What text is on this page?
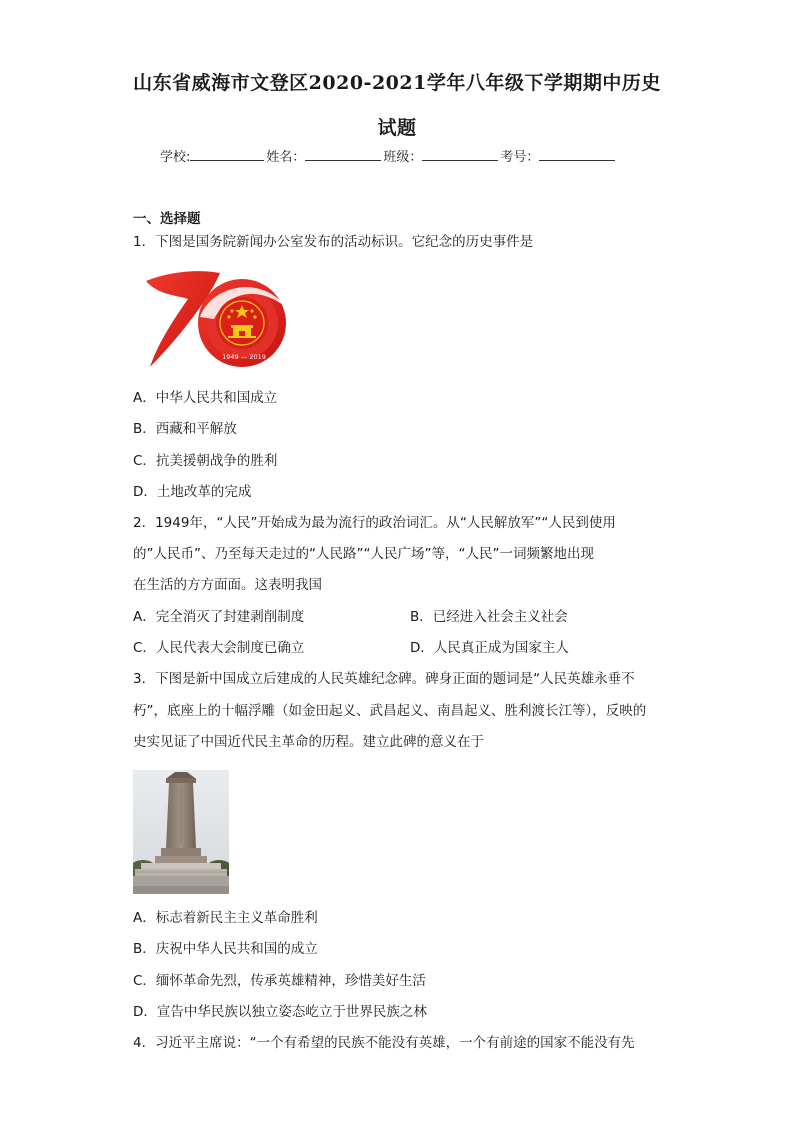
山东省威海市文登区2020-2021学年八年级下学期期中历史
试题
学校:	姓名：	班级：	考号：
一、选择题
1．下图是国务院新闻办公室发布的活动标识。它纪念的历史事件是
1949 — 2019
A．中华人民共和国成立
B．西藏和平解放
C．抗美援朝战争的胜利
D．土地改革的完成
2．1949年，“人民”开始成为最为流行的政治词汇。从“人民解放军”“人民到使用
的”人民币”、乃至每天走过的“人民路”“人民广场”等，“人民”一词频繁地出现
在生活的方方面面。这表明我国
A．完全消灭了封建剥削制度	B．已经进入社会主义社会
C．人民代表大会制度已确立	D．人民真正成为国家主人
3．下图是新中国成立后建成的人民英雄纪念碑。碑身正面的题词是“人民英雄永垂不
朽”，底座上的十幅浮雕（如金田起义、武昌起义、南昌起义、胜利渡长江等），反映的
史实见证了中国近代民主革命的历程。建立此碑的意义在于
A．标志着新民主主义革命胜利
B．庆祝中华人民共和国的成立
C．缅怀革命先烈，传承英雄精神，珍惜美好生活
D．宣告中华民族以独立姿态屹立于世界民族之林
4．习近平主席说：“一个有希望的民族不能没有英雄，一个有前途的国家不能没有先
